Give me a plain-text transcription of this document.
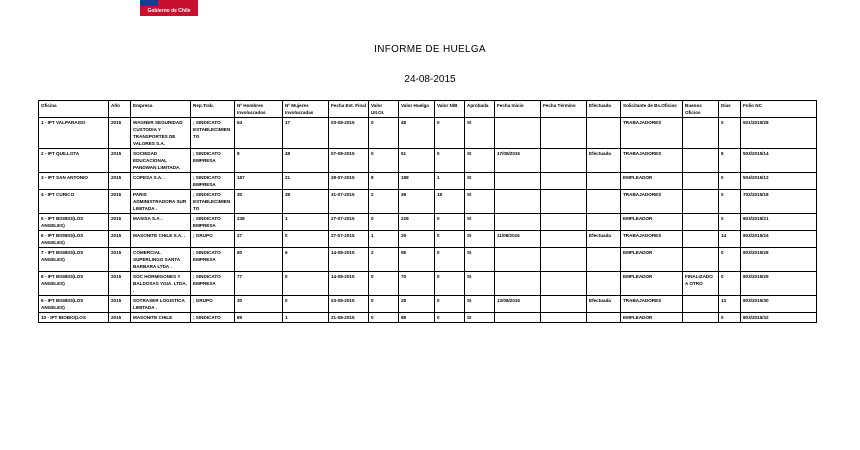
Gobierno de Chile
INFORME DE HUELGA
24-08-2015
Oficina	Año	Empresa	Rep.Trab.	Nº Hombres Involucrados	Nº Mujeres Involucradas	Fecha Est. Final	Valor UII.OI.	Valor Huelga	Valor N/B	Aprobada	Fecha Inicio	Fecha Término	Efectuada	Solicitante de Bs.Oficios	Buenos Oficios	Días	Folio NC
1 - IPT VALPARAISO	2015	WAGNER SEGURIDAD CUSTODIA Y TRANSPORTES DE VALORES S.A.	; SINDICATO ESTABLECIMIENTO	54	17	03-08-2015	0	48	0	SI				TRABAJADORES		0	501/2015/28
2 - IPT QUILLOTA	2015	SOCIEDAD EDUCACIONAL PANDWAN LIMITADA.	; SINDICATO EMPRESA	8	48	07-08-2015	0	51	0	SI	17/08/2015		Efectuada	TRABAJADORES		8	503/2015/14
3 - IPT SAN ANTONIO	2015	COPESA S.A. .	; SINDICATO EMPRESA	187	21	28-07-2015	8	188	1	SI				EMPLEADOR		0	504/2015/12
4 - IPT CURICO	2015	PARIS ADMINISTRADORA SUR LIMITADA .	; SINDICATO ESTABLECIMIENTO	30	38	31-07-2015	2	38	18	SI				TRABAJADORES		0	702/2015/18
5 - IPT BIOBIO(LOS ANGELES)	2015	MASISA S.A. .	; SINDICATO EMPRESA	238	1	27-07-2015	0	228	0	SI				EMPLEADOR		0	803/2015/21
6 - IPT BIOBIO(LOS ANGELES)	2015	MASONITE CHILE S.A. .	; GRUPO	27	0	27-07-2015	1	25	0	SI	11/08/2015		Efectuada	TRABAJADORES		14	803/2015/24
7 - IPT BIOBIO(LOS ANGELES)	2015	COMERCIAL SUPERLINGO SANTA BARBARA LTDA .	; SINDICATO EMPRESA	80	6	14-08-2015	2	58	0	SI				EMPLEADOR		0	803/2015/28
8 - IPT BIOBIO(LOS ANGELES)	2015	SOC HORMIGONES Y BALDOSAS YGIA. LTDA. .	; SINDICATO EMPRESA	77	0	14-08-2015	0	70	0	SI				EMPLEADOR	FINALIZADO A OTRO	0	803/2015/29
9 - IPT BIOBIO(LOS ANGELES)	2015	SOTRASER LOGISTICA LIMITADA .	; GRUPO	30	0	03-08-2015	0	28	0	SI	12/08/2015		Efectuada	TRABAJADORES		13	803/2015/30
10 - IPT BIOBIO(LOS	2015	MASONITE CHILE	; SINDICATO	89	1	21-08-2015	0	88	0	SI				EMPLEADOR		0	803/2015/32
